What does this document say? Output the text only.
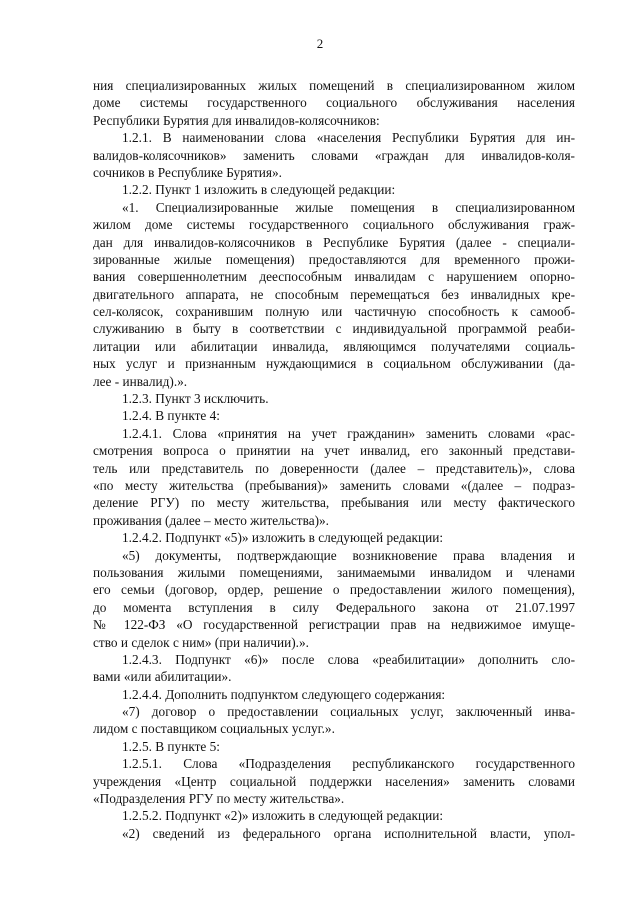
2
ния специализированных жилых помещений в специализированном жилом
доме системы государственного социального обслуживания населения
Республики Бурятия для инвалидов-колясочников:
1.2.1. В наименовании слова «населения Республики Бурятия для ин-
валидов-колясочников» заменить словами «граждан для инвалидов-коля-
сочников в Республике Бурятия».
1.2.2. Пункт 1 изложить в следующей редакции:
«1. Специализированные жилые помещения в специализированном
жилом доме системы государственного социального обслуживания граж-
дан для инвалидов-колясочников в Республике Бурятия (далее - специали-
зированные жилые помещения) предоставляются для временного прожи-
вания совершеннолетним дееспособным инвалидам с нарушением опорно-
двигательного аппарата, не способным перемещаться без инвалидных кре-
сел-колясок, сохранившим полную или частичную способность к самооб-
служиванию в быту в соответствии с индивидуальной программой реаби-
литации или абилитации инвалида, являющимся получателями социаль-
ных услуг и признанным нуждающимися в социальном обслуживании (да-
лее - инвалид).».
1.2.3. Пункт 3 исключить.
1.2.4. В пункте 4:
1.2.4.1. Слова «принятия на учет гражданин» заменить словами «рас-
смотрения вопроса о принятии на учет инвалид, его законный представи-
тель или представитель по доверенности (далее – представитель)», слова
«по месту жительства (пребывания)» заменить словами «(далее – подраз-
деление РГУ) по месту жительства, пребывания или месту фактического
проживания (далее – место жительства)».
1.2.4.2. Подпункт «5)» изложить в следующей редакции:
«5) документы, подтверждающие возникновение права владения и
пользования жилыми помещениями, занимаемыми инвалидом и членами
его семьи (договор, ордер, решение о предоставлении жилого помещения),
до момента вступления в силу Федерального закона от 21.07.1997
№ 122-ФЗ «О государственной регистрации прав на недвижимое имуще-
ство и сделок с ним» (при наличии).».
1.2.4.3. Подпункт «6)» после слова «реабилитации» дополнить сло-
вами «или абилитации».
1.2.4.4. Дополнить подпунктом следующего содержания:
«7) договор о предоставлении социальных услуг, заключенный инва-
лидом с поставщиком социальных услуг.».
1.2.5. В пункте 5:
1.2.5.1. Слова «Подразделения республиканского государственного
учреждения «Центр социальной поддержки населения» заменить словами
«Подразделения РГУ по месту жительства».
1.2.5.2. Подпункт «2)» изложить в следующей редакции:
«2) сведений из федерального органа исполнительной власти, упол-
